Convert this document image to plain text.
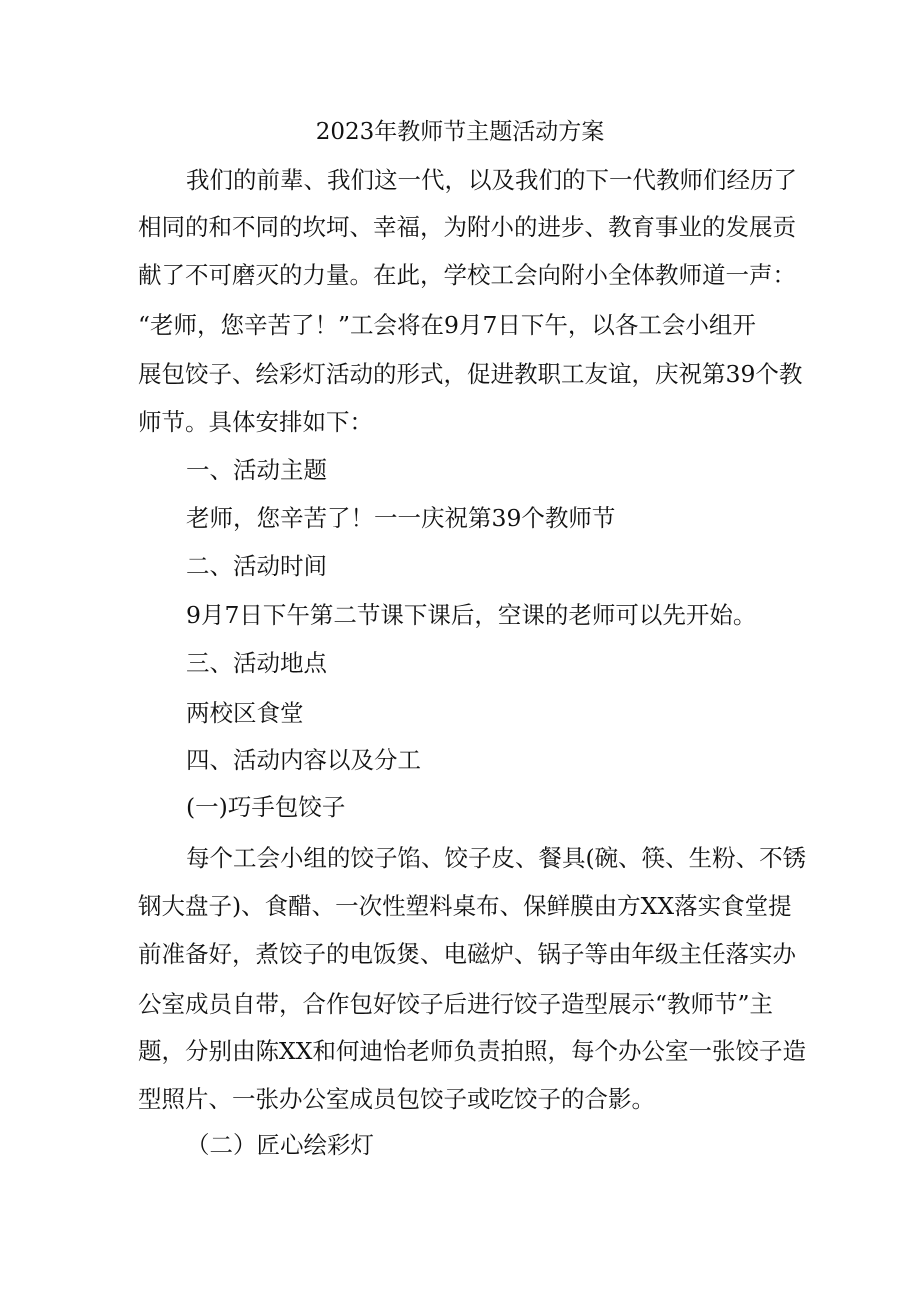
2023年教师节主题活动方案

我们的前辈、我们这一代，以及我们的下一代教师们经历了

相同的和不同的坎坷、幸福，为附小的进步、教育事业的发展贡

献了不可磨灭的力量。在此，学校工会向附小全体教师道一声：

“老师，您辛苦了！”工会将在9月7日下午，以各工会小组开

展包饺子、绘彩灯活动的形式，促进教职工友谊，庆祝第39个教

师节。具体安排如下：

一、活动主题

老师，您辛苦了！一一庆祝第39个教师节

二、活动时间

9月7日下午第二节课下课后，空课的老师可以先开始。

三、活动地点

两校区食堂

四、活动内容以及分工

(一)巧手包饺子

每个工会小组的饺子馅、饺子皮、餐具(碗、筷、生粉、不锈

钢大盘子)、食醋、一次性塑料桌布、保鲜膜由方XX落实食堂提

前准备好，煮饺子的电饭煲、电磁炉、锅子等由年级主任落实办

公室成员自带，合作包好饺子后进行饺子造型展示“教师节”主

题，分别由陈XX和何迪怡老师负责拍照，每个办公室一张饺子造

型照片、一张办公室成员包饺子或吃饺子的合影。

（二）匠心绘彩灯
